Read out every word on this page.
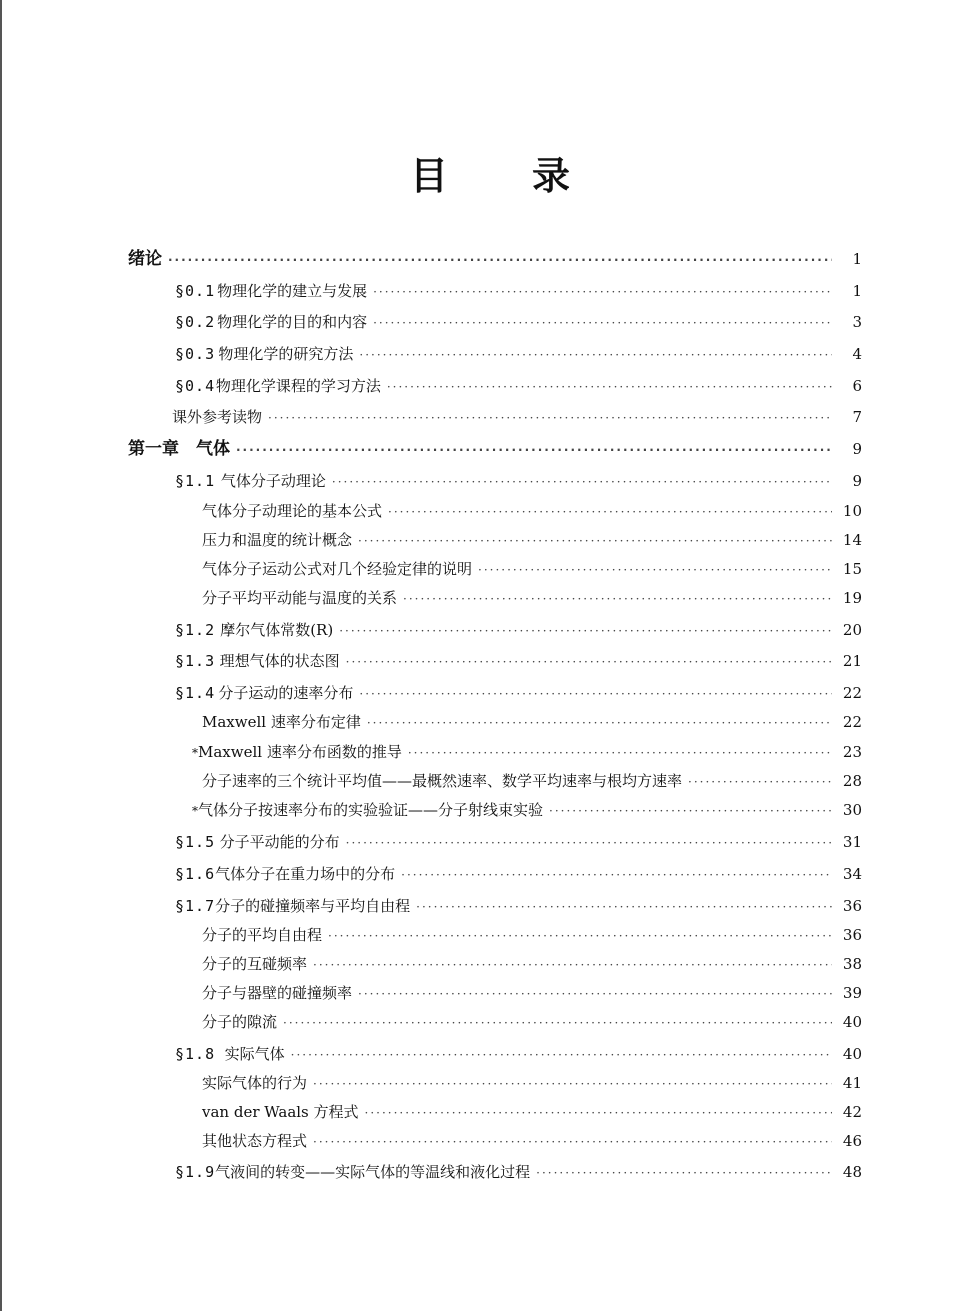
目 录
绪论 ·····	1
§0.1 物理化学的建立与发展 ·····	1
§0.2 物理化学的目的和内容 ·····	3
§0.3 物理化学的研究方法 ·····	4
§0.4 物理化学课程的学习方法 ·····	6
课外参考读物 ·····	7
第一章　气体 ·····	9
§1.1 气体分子动理论 ·····	9
气体分子动理论的基本公式 ·····	10
压力和温度的统计概念 ·····	14
气体分子运动公式对几个经验定律的说明 ·····	15
分子平均平动能与温度的关系 ·····	19
§1.2 摩尔气体常数(R) ·····	20
§1.3 理想气体的状态图 ·····	21
§1.4 分子运动的速率分布 ·····	22
Maxwell 速率分布定律 ·····	22
* Maxwell 速率分布函数的推导 ·····	23
分子速率的三个统计平均值——最概然速率、数学平均速率与根均方速率 ·····	28
* 气体分子按速率分布的实验验证——分子射线束实验 ·····	30
§1.5 分子平动能的分布 ·····	31
§1.6 气体分子在重力场中的分布 ·····	34
§1.7 分子的碰撞频率与平均自由程 ·····	36
分子的平均自由程 ·····	36
分子的互碰频率 ·····	38
分子与器壁的碰撞频率 ·····	39
分子的隙流 ·····	40
§1.8 实际气体 ·····	40
实际气体的行为 ·····	41
van der Waals 方程式 ·····	42
其他状态方程式 ·····	46
§1.9 气液间的转变——实际气体的等温线和液化过程 ·····	48
